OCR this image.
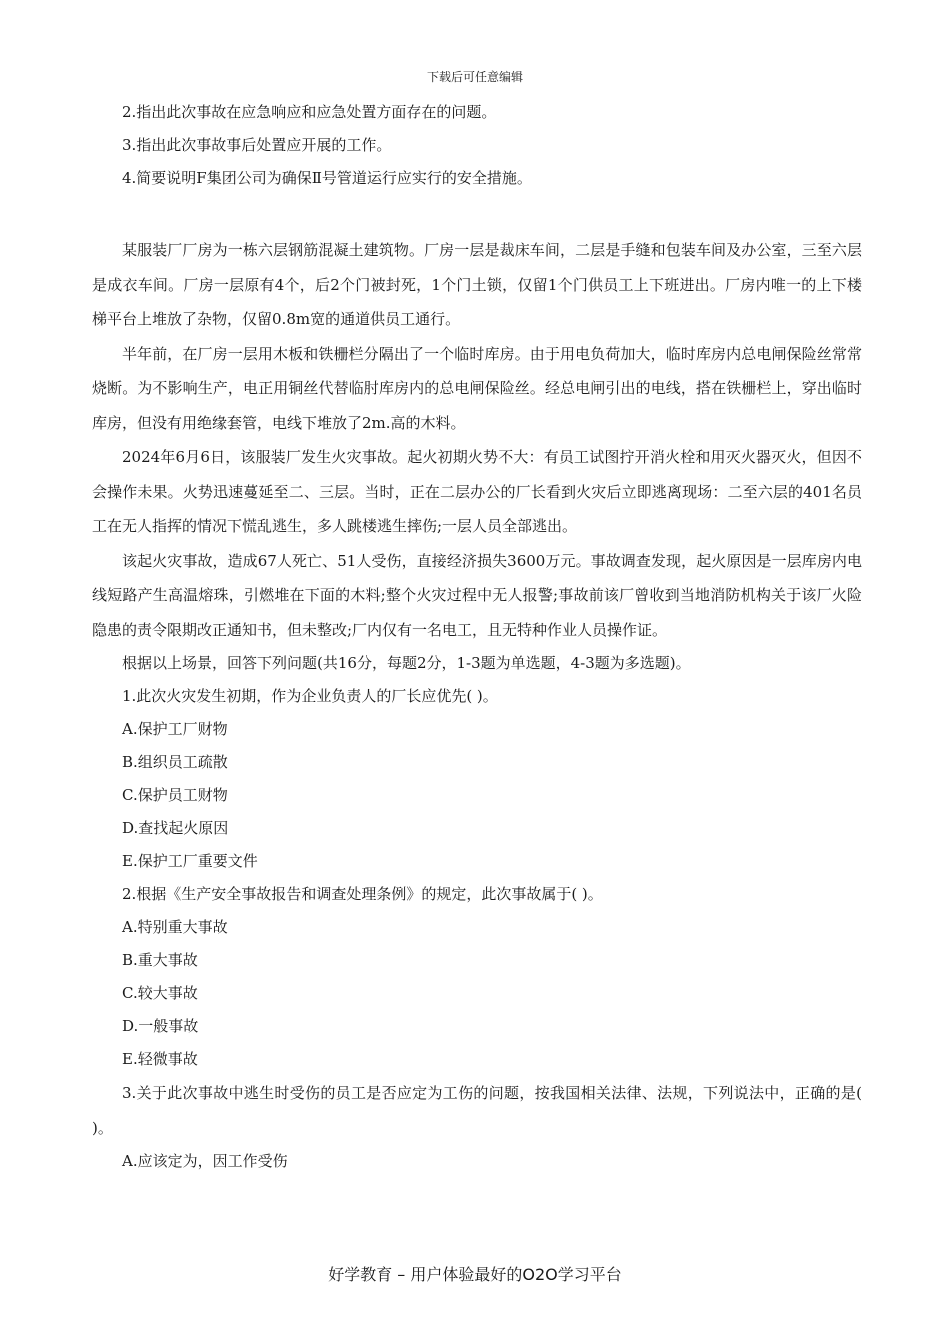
下载后可任意编辑

2.指出此次事故在应急响应和应急处置方面存在的问题。

3.指出此次事故事后处置应开展的工作。

4.简要说明F集团公司为确保Ⅱ号管道运行应实行的安全措施。

某服装厂厂房为一栋六层钢筋混凝土建筑物。厂房一层是裁床车间，二层是手缝和包装车间及办公室，三至六层是成衣车间。厂房一层原有4个，后2个门被封死，1个门土锁，仅留1个门供员工上下班进出。厂房内唯一的上下楼梯平台上堆放了杂物，仅留0.8m宽的通道供员工通行。

半年前，在厂房一层用木板和铁栅栏分隔出了一个临时库房。由于用电负荷加大，临时库房内总电闸保险丝常常烧断。为不影响生产，电正用铜丝代替临肘库房内的总电闸保险丝。经总电闸引出的电线，搭在铁栅栏上，穿出临时库房，但没有用绝缘套管，电线下堆放了2m.高的木料。

2024年6月6日，该服装厂发生火灾事故。起火初期火势不大：有员工试图拧开消火栓和用灭火器灭火，但因不会操作未果。火势迅速蔓延至二、三层。当时，正在二层办公的厂长看到火灾后立即逃离现场：二至六层的401名员工在无人指挥的情况下慌乱逃生，多人跳楼逃生摔伤;一层人员全部逃出。

该起火灾事故，造成67人死亡、51人受伤，直接经济损失3600万元。事故调查发现，起火原因是一层库房内电线短路产生高温熔珠，引燃堆在下面的木料;整个火灾过程中无人报警;事故前该厂曾收到当地消防机构关于该厂火险隐患的责令限期改正通知书，但未整改;厂内仅有一名电工，且无特种作业人员操作证。

根据以上场景，回答下列问题(共16分，每题2分，1-3题为单选题，4-3题为多选题)。

1.此次火灾发生初期，作为企业负责人的厂长应优先( )。

A.保护工厂财物

B.组织员工疏散

C.保护员工财物

D.查找起火原因

E.保护工厂重要文件

2.根据《生产安全事故报告和调查处理条例》的规定，此次事故属于( )。

A.特别重大事故

B.重大事故

C.较大事故

D.一般事故

E.轻微事故

3.关于此次事故中逃生时受伤的员工是否应定为工伤的问题，按我国相关法律、法规，下列说法中，正确的是( )。

A.应该定为，因工作受伤

好学教育 – 用户体验最好的O2O学习平台
